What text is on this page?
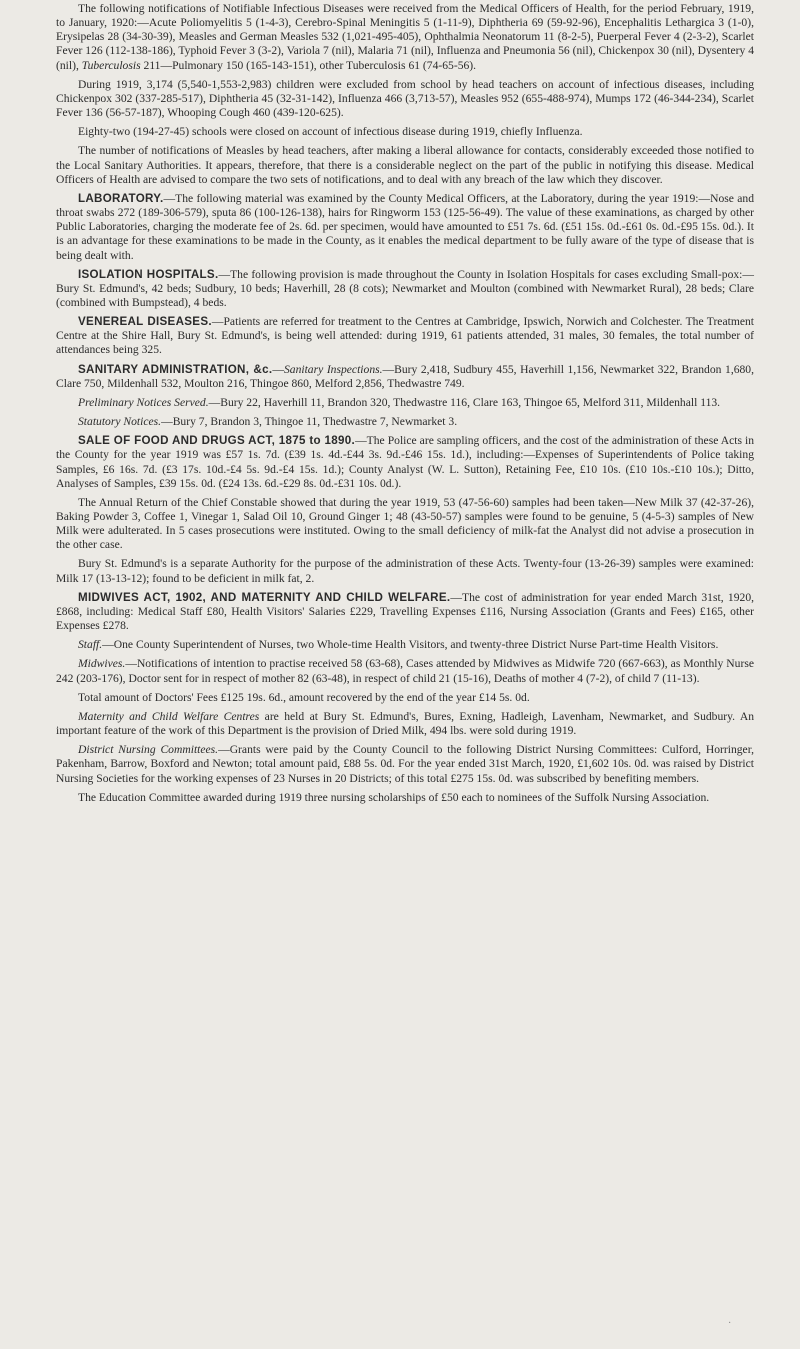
The following notifications of Notifiable Infectious Diseases were received from the Medical Officers of Health, for the period February, 1919, to January, 1920:—Acute Poliomyelitis 5 (1-4-3), Cerebro-Spinal Meningitis 5 (1-11-9), Diphtheria 69 (59-92-96), Encephalitis Lethargica 3 (1-0), Erysipelas 28 (34-30-39), Measles and German Measles 532 (1,021-495-405), Ophthalmia Neonatorum 11 (8-2-5), Puerperal Fever 4 (2-3-2), Scarlet Fever 126 (112-138-186), Typhoid Fever 3 (3-2), Variola 7 (nil), Malaria 71 (nil), Influenza and Pneumonia 56 (nil), Chickenpox 30 (nil), Dysentery 4 (nil), Tuberculosis 211—Pulmonary 150 (165-143-151), other Tuberculosis 61 (74-65-56).

During 1919, 3,174 (5,540-1,553-2,983) children were excluded from school by head teachers on account of infectious diseases, including Chickenpox 302 (337-285-517), Diphtheria 45 (32-31-142), Influenza 466 (3,713-57), Measles 952 (655-488-974), Mumps 172 (46-344-234), Scarlet Fever 136 (56-57-187), Whooping Cough 460 (439-120-625).

Eighty-two (194-27-45) schools were closed on account of infectious disease during 1919, chiefly Influenza.

The number of notifications of Measles by head teachers, after making a liberal allowance for contacts, considerably exceeded those notified to the Local Sanitary Authorities. It appears, therefore, that there is a considerable neglect on the part of the public in notifying this disease. Medical Officers of Health are advised to compare the two sets of notifications, and to deal with any breach of the law which they discover.

LABORATORY.—The following material was examined by the County Medical Officers, at the Laboratory, during the year 1919:—Nose and throat swabs 272 (189-306-579), sputa 86 (100-126-138), hairs for Ringworm 153 (125-56-49). The value of these examinations, as charged by other Public Laboratories, charging the moderate fee of 2s. 6d. per specimen, would have amounted to £51 7s. 6d. (£51 15s. 0d.-£61 0s. 0d.-£95 15s. 0d.). It is an advantage for these examinations to be made in the County, as it enables the medical department to be fully aware of the type of disease that is being dealt with.

ISOLATION HOSPITALS.—The following provision is made throughout the County in Isolation Hospitals for cases excluding Small-pox:—Bury St. Edmund's, 42 beds; Sudbury, 10 beds; Haverhill, 28 (8 cots); Newmarket and Moulton (combined with Newmarket Rural), 28 beds; Clare (combined with Bumpstead), 4 beds.

VENEREAL DISEASES.—Patients are referred for treatment to the Centres at Cambridge, Ipswich, Norwich and Colchester. The Treatment Centre at the Shire Hall, Bury St. Edmund's, is being well attended: during 1919, 61 patients attended, 31 males, 30 females, the total number of attendances being 325.

SANITARY ADMINISTRATION, &c.—Sanitary Inspections.—Bury 2,418, Sudbury 455, Haverhill 1,156, Newmarket 322, Brandon 1,680, Clare 750, Mildenhall 532, Moulton 216, Thingoe 860, Melford 2,856, Thedwastre 749.

Preliminary Notices Served.—Bury 22, Haverhill 11, Brandon 320, Thedwastre 116, Clare 163, Thingoe 65, Melford 311, Mildenhall 113.

Statutory Notices.—Bury 7, Brandon 3, Thingoe 11, Thedwastre 7, Newmarket 3.

SALE OF FOOD AND DRUGS ACT, 1875 to 1890.—The Police are sampling officers, and the cost of the administration of these Acts in the County for the year 1919 was £57 1s. 7d. (£39 1s. 4d.-£44 3s. 9d.-£46 15s. 1d.), including:—Expenses of Superintendents of Police taking Samples, £6 16s. 7d. (£3 17s. 10d.-£4 5s. 9d.-£4 15s. 1d.); County Analyst (W. L. Sutton), Retaining Fee, £10 10s. (£10 10s.-£10 10s.); Ditto, Analyses of Samples, £39 15s. 0d. (£24 13s. 6d.-£29 8s. 0d.-£31 10s. 0d.).

The Annual Return of the Chief Constable showed that during the year 1919, 53 (47-56-60) samples had been taken—New Milk 37 (42-37-26), Baking Powder 3, Coffee 1, Vinegar 1, Salad Oil 10, Ground Ginger 1; 48 (43-50-57) samples were found to be genuine, 5 (4-5-3) samples of New Milk were adulterated. In 5 cases prosecutions were instituted. Owing to the small deficiency of milk-fat the Analyst did not advise a prosecution in the other case.

Bury St. Edmund's is a separate Authority for the purpose of the administration of these Acts. Twenty-four (13-26-39) samples were examined: Milk 17 (13-13-12); found to be deficient in milk fat, 2.

MIDWIVES ACT, 1902, AND MATERNITY AND CHILD WELFARE.—The cost of administration for year ended March 31st, 1920, £868, including: Medical Staff £80, Health Visitors' Salaries £229, Travelling Expenses £116, Nursing Association (Grants and Fees) £165, other Expenses £278.

Staff.—One County Superintendent of Nurses, two Whole-time Health Visitors, and twenty-three District Nurse Part-time Health Visitors.

Midwives.—Notifications of intention to practise received 58 (63-68), Cases attended by Midwives as Midwife 720 (667-663), as Monthly Nurse 242 (203-176), Doctor sent for in respect of mother 82 (63-48), in respect of child 21 (15-16), Deaths of mother 4 (7-2), of child 7 (11-13).

Total amount of Doctors' Fees £125 19s. 6d., amount recovered by the end of the year £14 5s. 0d.

Maternity and Child Welfare Centres are held at Bury St. Edmund's, Bures, Exning, Hadleigh, Lavenham, Newmarket, and Sudbury. An important feature of the work of this Department is the provision of Dried Milk, 494 lbs. were sold during 1919.

District Nursing Committees.—Grants were paid by the County Council to the following District Nursing Committees: Culford, Horringer, Pakenham, Barrow, Boxford and Newton; total amount paid, £88 5s. 0d. For the year ended 31st March, 1920, £1,602 10s. 0d. was raised by District Nursing Societies for the working expenses of 23 Nurses in 20 Districts; of this total £275 15s. 0d. was subscribed by benefiting members.

The Education Committee awarded during 1919 three nursing scholarships of £50 each to nominees of the Suffolk Nursing Association.

·
